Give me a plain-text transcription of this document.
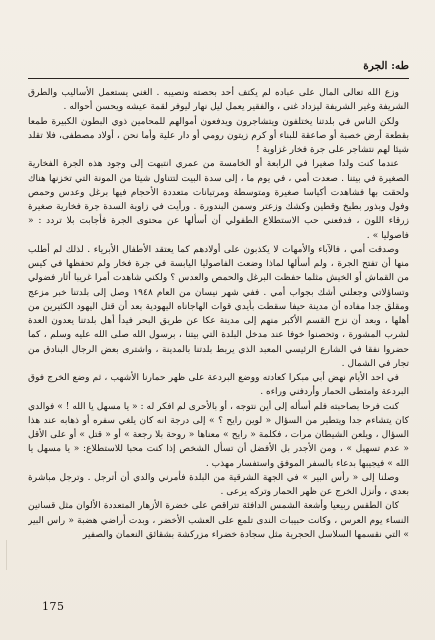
طه: الجرة

وزع الله تعالى المال على عباده لم يكتف أحد بحصته ونصيبه . الغني يستعمل الأساليب والطرق الشريفة وغير الشريفة ليزداد غنى ، والفقير يعمل ليل نهار ليوفر لقمة عيشه ويحسن أحواله .

ولكن الناس في بلدتنا يختلفون ويتشاجرون ويدفعون أموالهم للمحامين ذوي البطون الكبيرة طمعا بقطعة أرض خصبة أو صاعقة للبناء أو كرم زيتون رومي أو دار علية وأما نحن ، أولاد مصطفى، فلا تقلد شيئا لهم نتشاجر على جرة فخار غزاوية !

عندما كنت ولدا صغيرا في الرابعة أو الخامسة من عمري انتبهت إلى وجود هذه الجرة الفخارية الصغيرة في بيتنا . صعدت أمي ، في يوم ما ، إلى سدة البيت لتتناول شيئا من المونة التي تخزنها هناك ولحقت بها فشاهدت أكياسا صغيرة ومتوسطة ومرتبانات متعددة الأحجام فيها برغل وعدس وحمص وفول وبذور بطيخ وقطين وكشك وزعتر وسمن البندورة . ورأيت في زاوية السدة جرة فخارية صغيرة زرقاء اللون ، فدفعني حب الاستطلاع الطفولي أن أسألها عن محتوى الجرة فأجابت بلا تردد : « فاصوليا » .

وصدقت أمي ، فالآباء والأمهات لا يكذبون على أولادهم كما يعتقد الأطفال الأبرياء . لذلك لم أطلب منها أن تفتح الجرة ، ولم أسألها لماذا وضعت الفاصوليا اليابسة في جرة فخار ولم تحفظها في كيس من القماش أو الخيش مثلما حفظت البرغل والحمص والعدس ؟ ولكني شاهدت أمرا غريبا أثار فضولي وتساؤلاتي وجعلني أشك بجواب أمي . ففي شهر نيسان من العام ١٩٤٨ وصل إلى بلدتنا خبر مزعج ومقلق جدا مفاده أن مدينة حيفا سقطت بأيدي قوات الهاجاناه اليهودية بعد أن قتل اليهود الكثيرين من أهلها ، وبعد أن نزح القسم الأكبر منهم إلى مدينة عكا عن طريق البحر فيدأ أهل بلدتنا يعدون العدة لشرب المشورة ، وتحصنوا خوفا عند مدخل البلدة التي بيتنا ، برسول الله صلى الله عليه وسلم ، كما حضروا نفقا في الشارع الرئيسي المعبد الذي يربط بلدتنا بالمدينة ، واشترى بعض الرجال البنادق من تجار في الشمال .

في احد الأيام نهض أبي مبكرا كعادته ووضع البردعة على ظهر حمارنا الأشهب ، ثم وضع الخرج فوق البردعة وامتطى الحمار وأردفني وراءه .

كنت فرحا بصاحبته فلم أسأله إلى أين نتوجه ، أو بالأحرى لم افكر له : « يا مسهل يا الله ! » فوالدي كان يتشاءم جدا ويتطير من السؤال « لوين رايح ؟ » إلى درجة انه كان يلغي سفره أو ذهابه عند هذا السؤال ، ويلعن الشيطان مرات ، فكلمة « رايح » معناها « روحة بلا رجعة » أو « قتل » أو على الأقل « عدم تسهيل » ، ومن الأجدر بل الأفضل أن تسأل الشخص إذا كنت محبا للاستطلاع: « يا مسهل يا الله » فيجيبها بدعاء بالسفر الموفق واستفسار مهذب .

وصلنا إلى « رأس البير » في الجهة الشرقية من البلدة فأمرني والدي أن أترجل . وترجل مباشرة بعدي ، وأنزل الخرج عن ظهر الحمار وتركه يرعى .

كان الطقس ربيعيا وأشعة الشمس الدافئة تتراقص على خضرة الأزهار المتعددة الألوان مثل قساتين النساء يوم العرس ، وكانت حبيبات الندى تلمع على العشب الأخضر ، وبدت أراضي هضبة « راس البير » التي نقسمها السلاسل الحجرية مثل سجادة خضراء مزركشة بشقائق النعمان والصفير

175
